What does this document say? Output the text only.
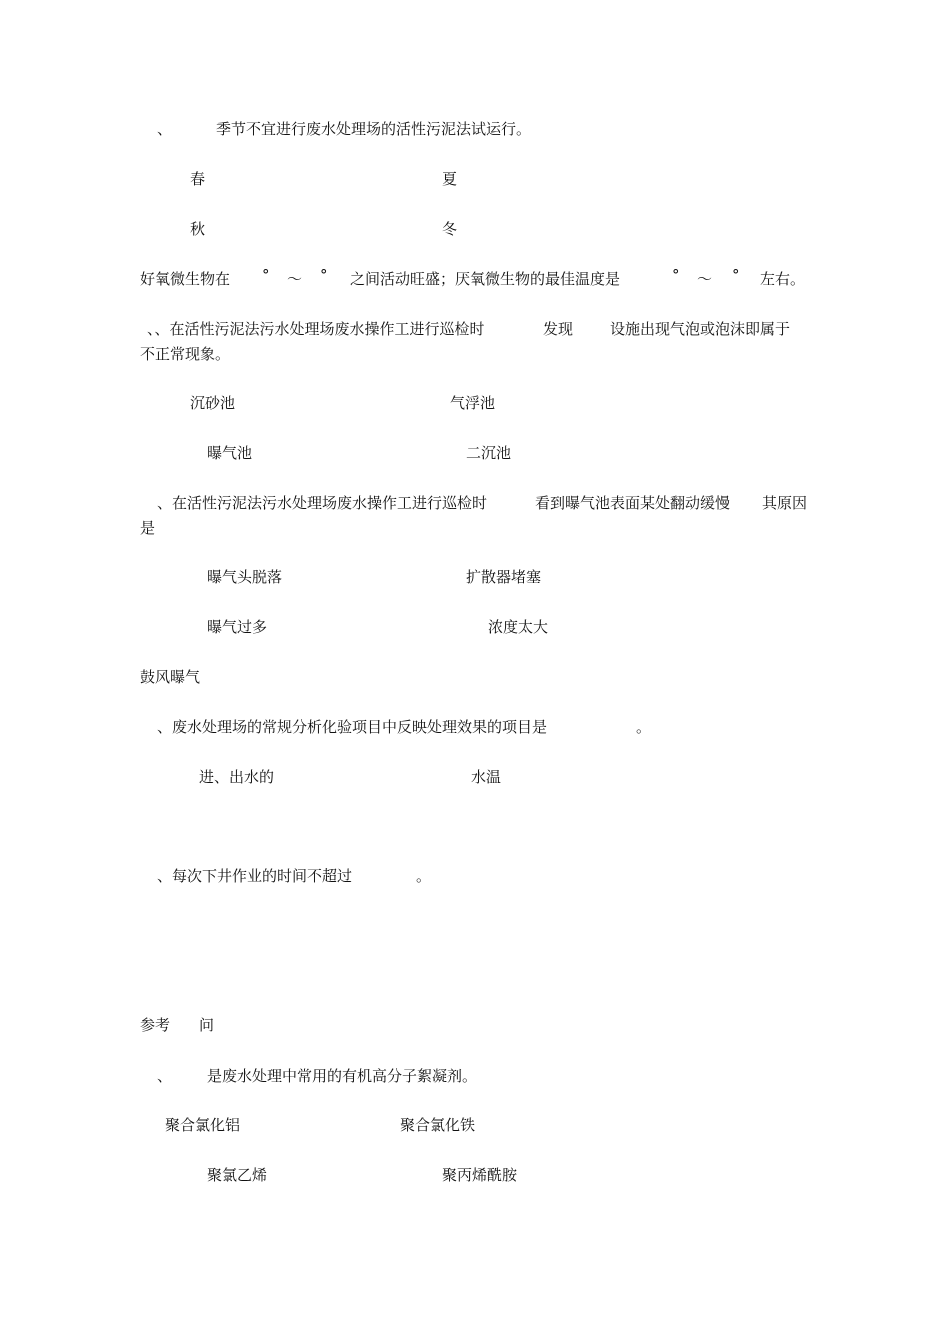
、	季节不宜进行废水处理场的活性污泥法试运行。
春	夏
秋	冬
好氧微生物在 ° ～ ° 之间活动旺盛；厌氧微生物的最佳温度是	° ～ ° 左右。
、、在活性污泥法污水处理场废水操作工进行巡检时	发现 设施出现气泡或泡沫即属于
不正常现象。
沉砂池	气浮池
曝气池	二沉池
、在活性污泥法污水处理场废水操作工进行巡检时	看到曝气池表面某处翻动缓慢 其原因
是
曝气头脱落	扩散器堵塞
曝气过多	浓度太大
鼓风曝气
、废水处理场的常规分析化验项目中反映处理效果的项目是	。
进、出水的	水温
、每次下井作业的时间不超过	。
参考 问
、 是废水处理中常用的有机高分子絮凝剂。
聚合氯化铝	聚合氯化铁
聚氯乙烯	聚丙烯酰胺
